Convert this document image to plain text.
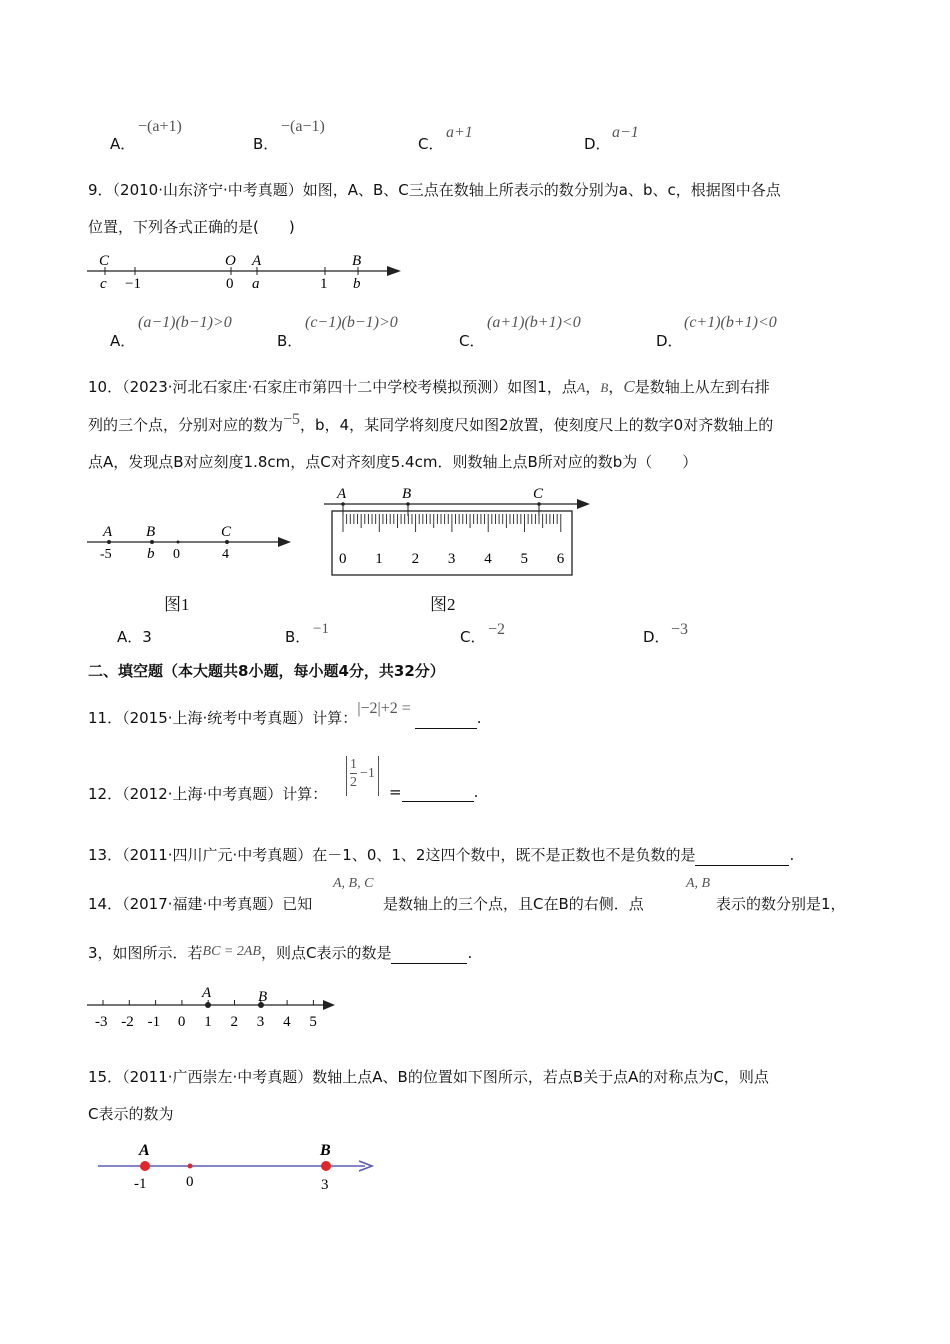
A．
−(a+1)
B．
−(a−1)
C．
a+1
D．
a−1
9．（2010·山东济宁·中考真题）如图，A、B、C三点在数轴上所表示的数分别为a、b、c，根据图中各点
位置，下列各式正确的是(　　)
C	O A	B
c −1	0 a	1 b
A．
(a−1)(b−1)>0
B．
(c−1)(b−1)>0
C．
(a+1)(b+1)<0
D．
(c+1)(b+1)<0
10．（2023·河北石家庄·石家庄市第四十二中学校考模拟预测）如图1，点A，B，C是数轴上从左到右排
列的三个点，分别对应的数为−5，b，4，某同学将刻度尺如图2放置，使刻度尺上的数字0对齐数轴上的
点A，发现点B对应刻度1.8cm，点C对齐刻度5.4cm．则数轴上点B所对应的数b为（　　）
A B	C
-5 b 0	4
图1
A	B	C
0 1 2 3 4 5 6
图2
A．3	B． −1	C． −2	D． −3
二、填空题（本大题共8小题，每小题4分，共32分）
11．（2015·上海·统考中考真题）计算：|−2|+2 = .
12．（2012·上海·中考真题）计算：
$\frac{1}{2} -1$
=	.
13．（2011·四川广元·中考真题）在－1、0、1、2这四个数中，既不是正数也不是负数的是	.
14．（2017·福建·中考真题）已知
A, B, C
是数轴上的三个点，且C在B的右侧．点
A, B
表示的数分别是1，
3，如图所示．若BC = 2AB，则点C表示的数是	.
-3 -2 -1 0 1 2 3 4 5
A	B
15．（2011·广西崇左·中考真题）数轴上点A、B的位置如下图所示，若点B关于点A的对称点为C，则点
C表示的数为
A	B
-1	0	3
